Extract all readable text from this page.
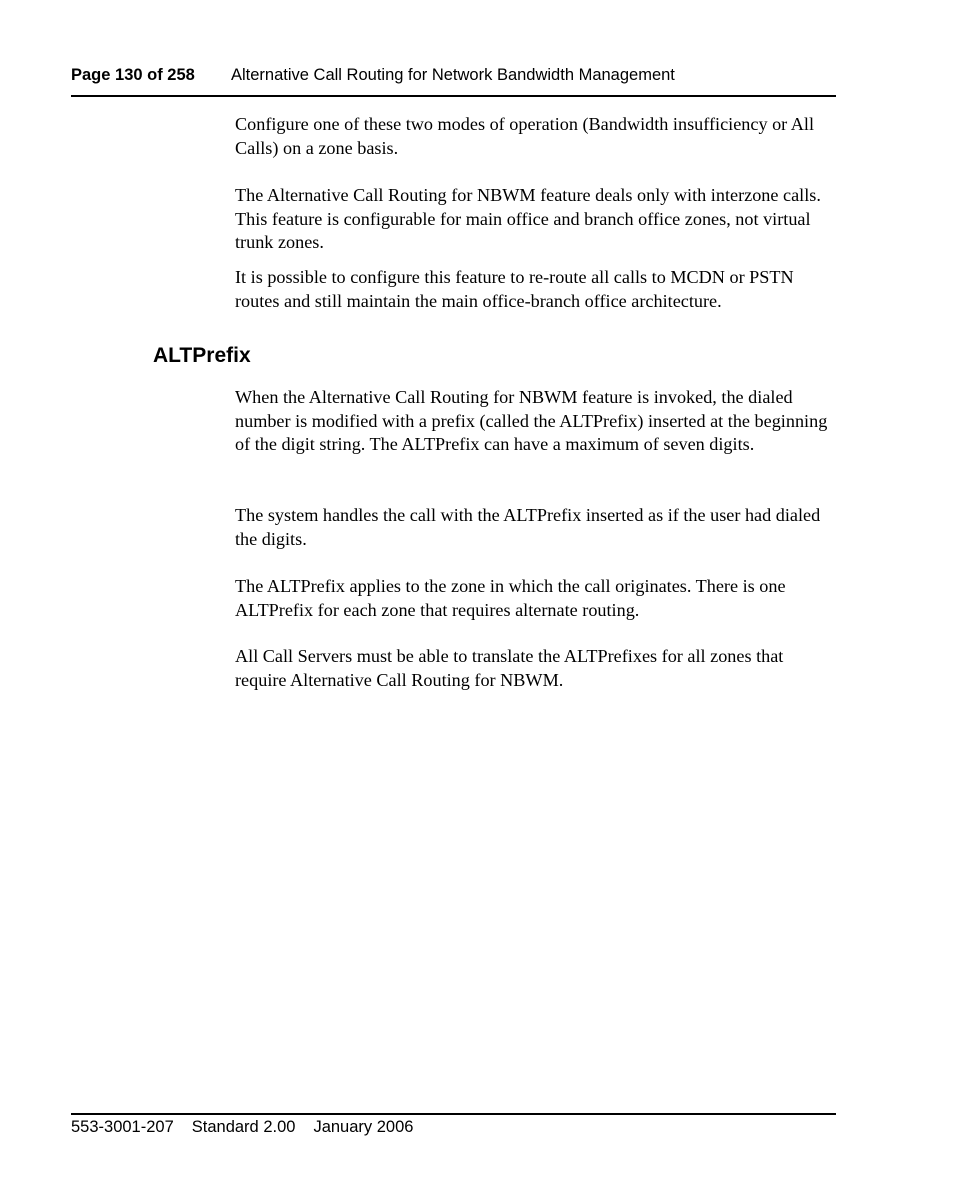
Page 130 of 258 Alternative Call Routing for Network Bandwidth Management

Configure one of these two modes of operation (Bandwidth insufficiency or All Calls) on a zone basis.

The Alternative Call Routing for NBWM feature deals only with interzone calls. This feature is configurable for main office and branch office zones, not virtual trunk zones.

It is possible to configure this feature to re-route all calls to MCDN or PSTN routes and still maintain the main office-branch office architecture.

ALTPrefix

When the Alternative Call Routing for NBWM feature is invoked, the dialed number is modified with a prefix (called the ALTPrefix) inserted at the beginning of the digit string. The ALTPrefix can have a maximum of seven digits.

The system handles the call with the ALTPrefix inserted as if the user had dialed the digits.

The ALTPrefix applies to the zone in which the call originates. There is one ALTPrefix for each zone that requires alternate routing.

All Call Servers must be able to translate the ALTPrefixes for all zones that require Alternative Call Routing for NBWM.

553-3001-207 Standard 2.00 January 2006
